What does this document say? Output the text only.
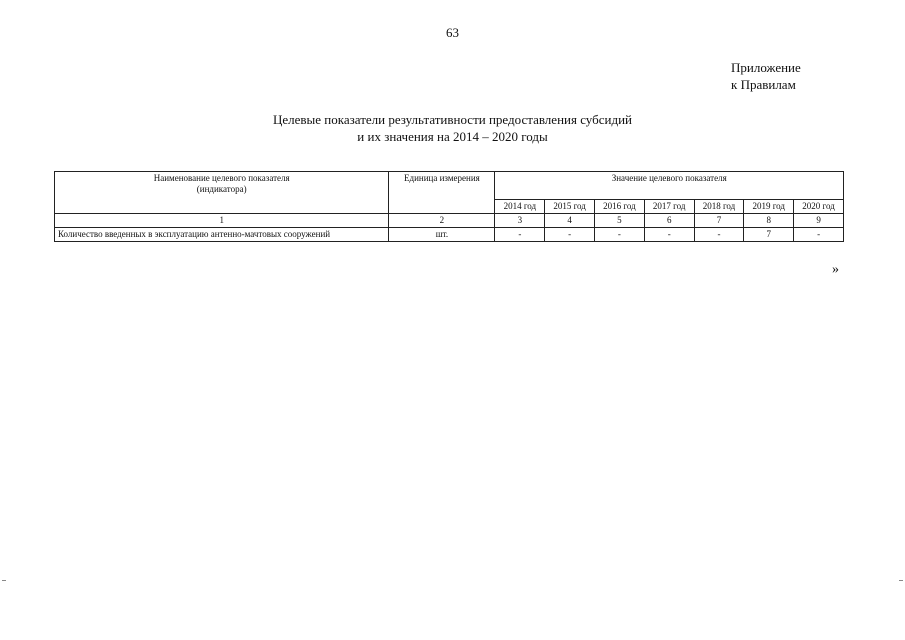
63
Приложение
к Правилам
Целевые показатели результативности предоставления субсидий
и их значения на 2014 – 2020 годы
Наименование целевого показателя
(индикатора)	Единица измерения	Значение целевого показателя						
		2014 год	2015 год	2016 год	2017 год	2018 год	2019 год	2020 год
1	2	3	4	5	6	7	8	9
Количество введенных в эксплуатацию антенно-мачтовых сооружений	шт.	-	-	-	-	-	7	-
»
